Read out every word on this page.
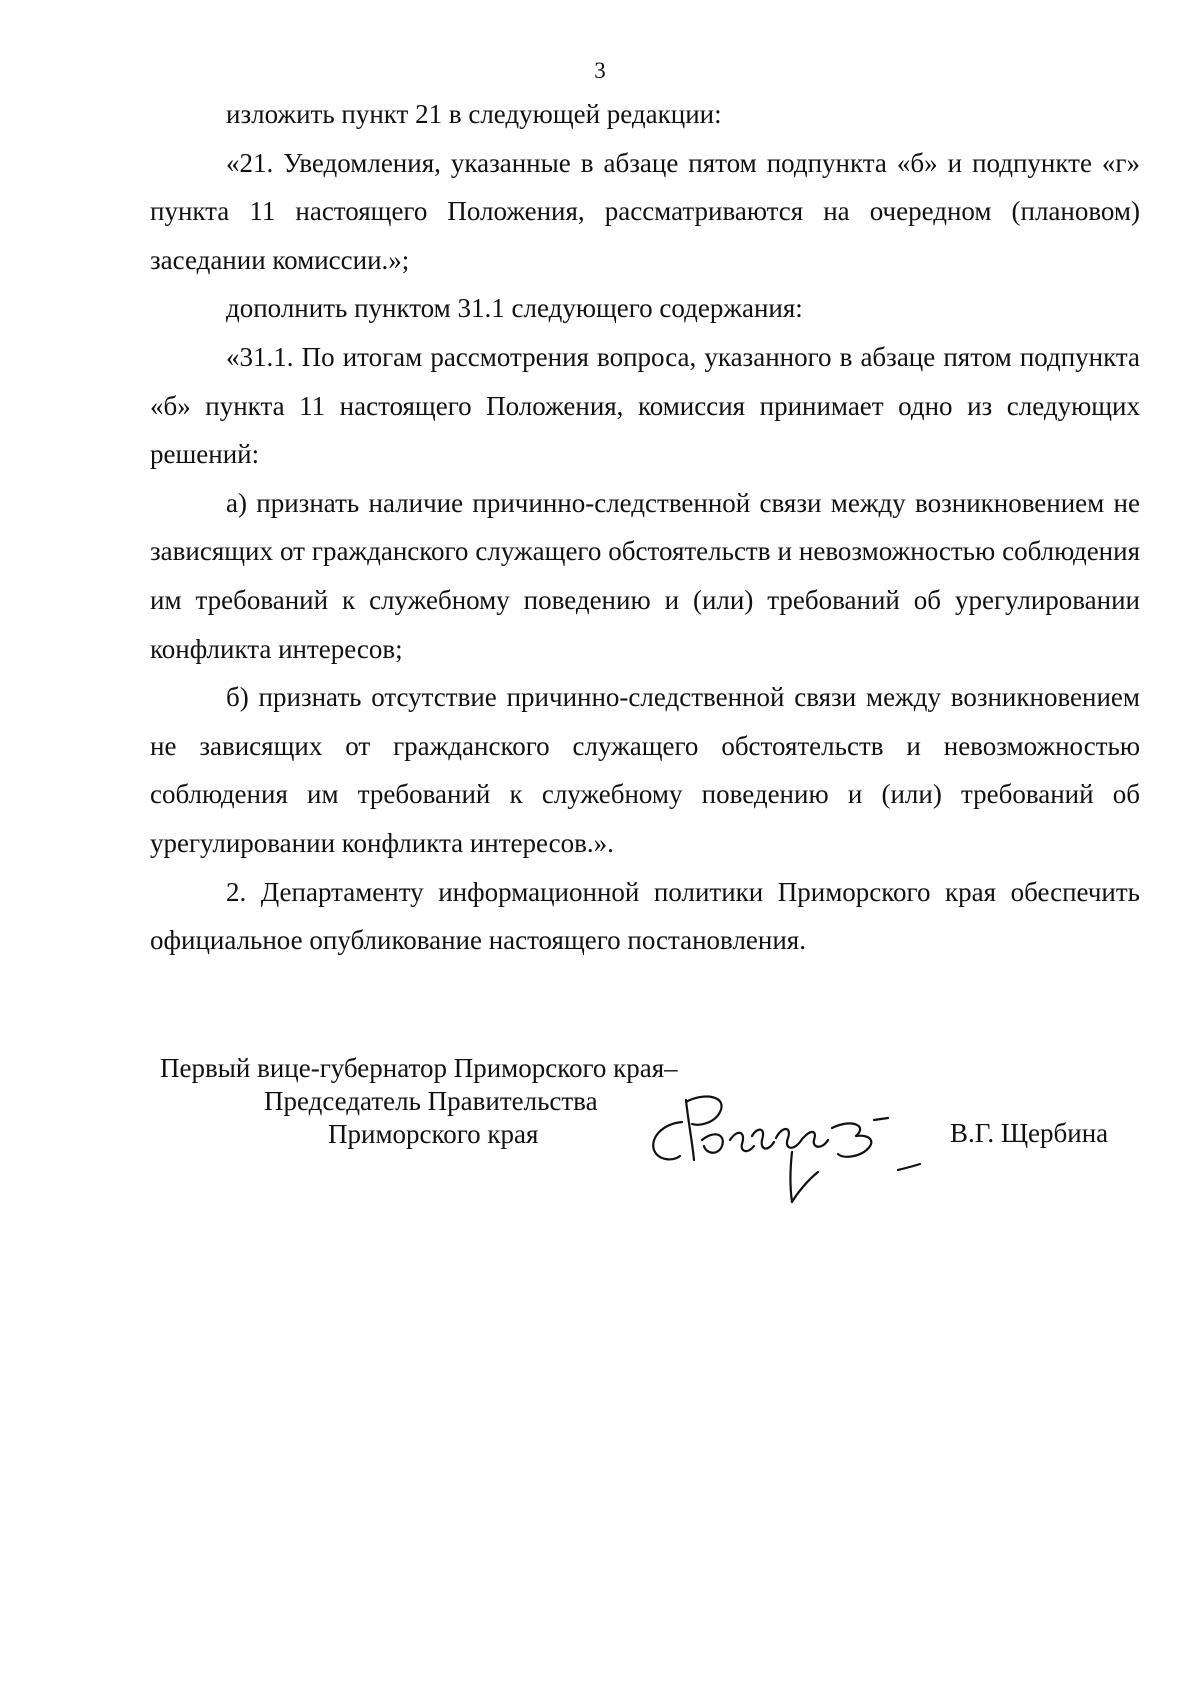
3

изложить пункт 21 в следующей редакции:

«21. Уведомления, указанные в абзаце пятом подпункта «б» и подпункте «г» пункта 11 настоящего Положения, рассматриваются на очередном (плановом) заседании комиссии.»;

дополнить пунктом 31.1 следующего содержания:

«31.1. По итогам рассмотрения вопроса, указанного в абзаце пятом подпункта «б» пункта 11 настоящего Положения, комиссия принимает одно из следующих решений:

а) признать наличие причинно-следственной связи между возникновением не зависящих от гражданского служащего обстоятельств и невозможностью соблюдения им требований к служебному поведению и (или) требований об урегулировании конфликта интересов;

б) признать отсутствие причинно-следственной связи между возникновением не зависящих от гражданского служащего обстоятельств и невозможностью соблюдения им требований к служебному поведению и (или) требований об урегулировании конфликта интересов.».

2. Департаменту информационной политики Приморского края обеспечить официальное опубликование настоящего постановления.

Первый вице-губернатор Приморского края–
Председатель Правительства
Приморского края	В.Г. Щербина
